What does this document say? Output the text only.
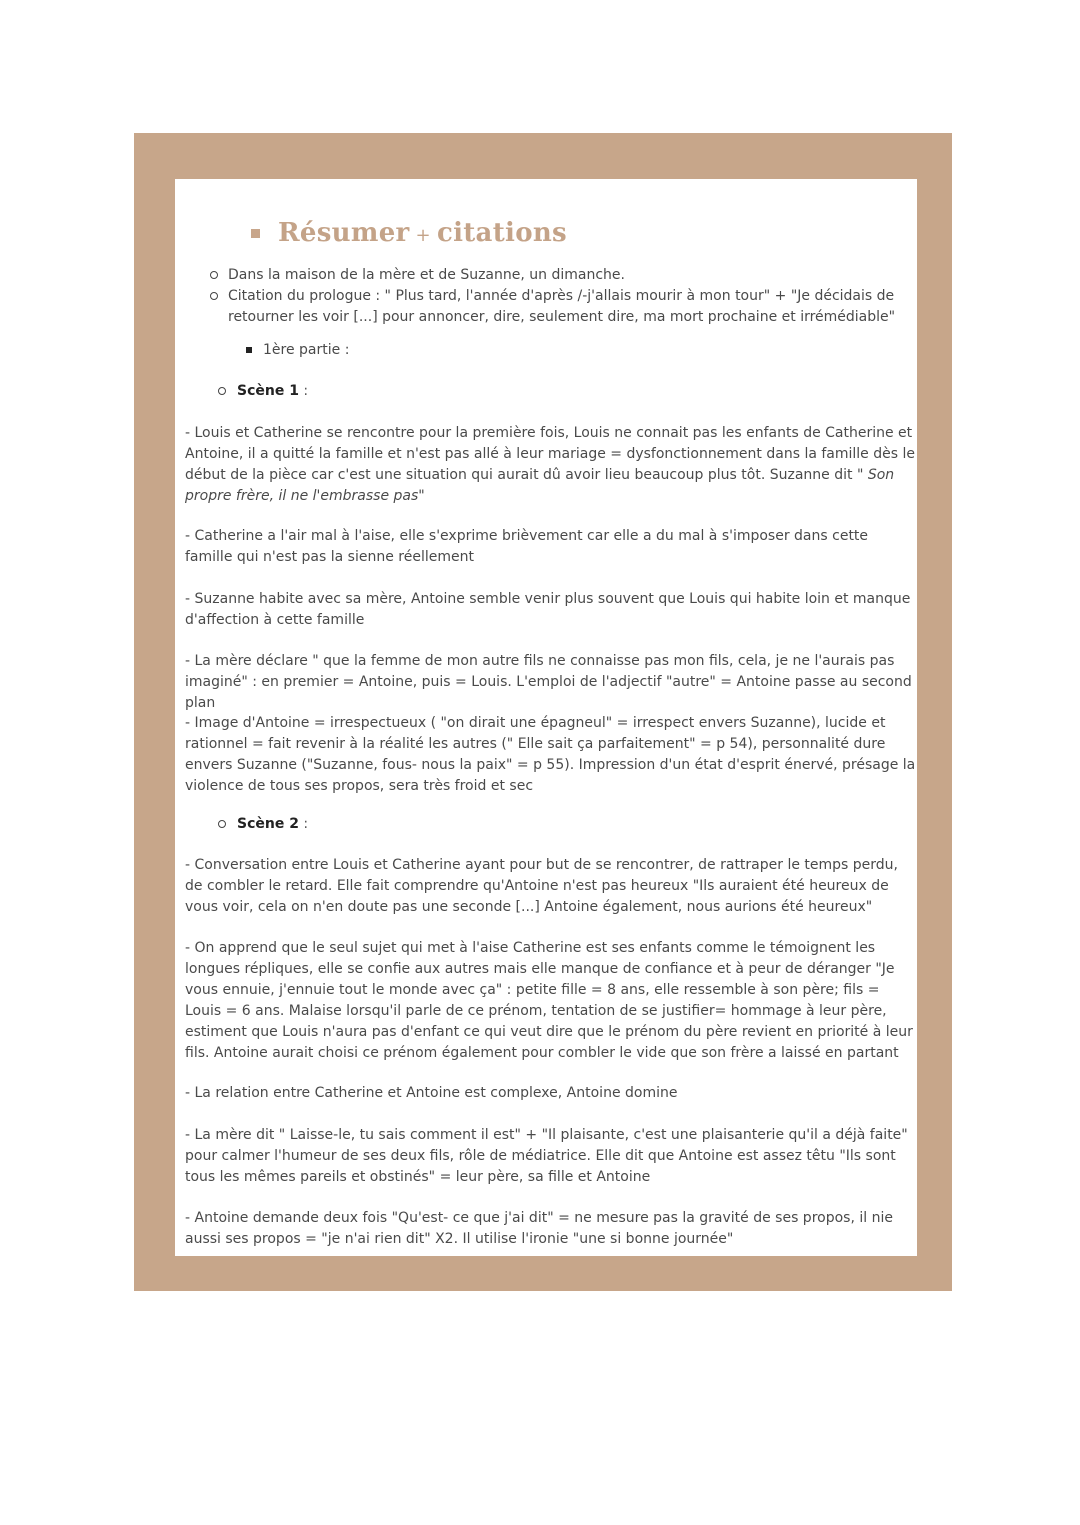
Résumer + citations
Dans la maison de la mère et de Suzanne, un dimanche.
Citation du prologue : " Plus tard, l'année d'après /-j'allais mourir à mon tour" + "Je décidais de
retourner les voir [...] pour annoncer, dire, seulement dire, ma mort prochaine et irrémédiable"
1ère partie :
Scène 1 :
- Louis et Catherine se rencontre pour la première fois, Louis ne connait pas les enfants de Catherine et Antoine, il a quitté la famille et n'est pas allé à leur mariage = dysfonctionnement dans la famille dès le début de la pièce car c'est une situation qui aurait dû avoir lieu beaucoup plus tôt. Suzanne dit " Son propre frère, il ne l'embrasse pas"
- Catherine a l'air mal à l'aise, elle s'exprime brièvement car elle a du mal à s'imposer dans cette famille qui n'est pas la sienne réellement
- Suzanne habite avec sa mère, Antoine semble venir plus souvent que Louis qui habite loin et manque d'affection à cette famille
- La mère déclare " que la femme de mon autre fils ne connaisse pas mon fils, cela, je ne l'aurais pas imaginé" : en premier = Antoine, puis = Louis. L'emploi de l'adjectif "autre" = Antoine passe au second plan
- Image d'Antoine = irrespectueux ( "on dirait une épagneul" = irrespect envers Suzanne), lucide et rationnel = fait revenir à la réalité les autres (" Elle sait ça parfaitement" = p 54), personnalité dure envers Suzanne ("Suzanne, fous- nous la paix" = p 55). Impression d'un état d'esprit énervé, présage la violence de tous ses propos, sera très froid et sec
Scène 2 :
- Conversation entre Louis et Catherine ayant pour but de se rencontrer, de rattraper le temps perdu, de combler le retard. Elle fait comprendre qu'Antoine n'est pas heureux "Ils auraient été heureux de vous voir, cela on n'en doute pas une seconde [...] Antoine également, nous aurions été heureux"
- On apprend que le seul sujet qui met à l'aise Catherine est ses enfants comme le témoignent les longues répliques, elle se confie aux autres mais elle manque de confiance et à peur de déranger "Je vous ennuie, j'ennuie tout le monde avec ça" : petite fille = 8 ans, elle ressemble à son père; fils = Louis = 6 ans. Malaise lorsqu'il parle de ce prénom, tentation de se justifier= hommage à leur père, estiment que Louis n'aura pas d'enfant ce qui veut dire que le prénom du père revient en priorité à leur fils. Antoine aurait choisi ce prénom également pour combler le vide que son frère a laissé en partant
- La relation entre Catherine et Antoine est complexe, Antoine domine
- La mère dit " Laisse-le, tu sais comment il est" + "Il plaisante, c'est une plaisanterie qu'il a déjà faite" pour calmer l'humeur de ses deux fils, rôle de médiatrice. Elle dit que Antoine est assez têtu "Ils sont tous les mêmes pareils et obstinés" = leur père, sa fille et Antoine
- Antoine demande deux fois "Qu'est- ce que j'ai dit" = ne mesure pas la gravité de ses propos, il nie aussi ses propos = "je n'ai rien dit" X2. Il utilise l'ironie "une si bonne journée"
